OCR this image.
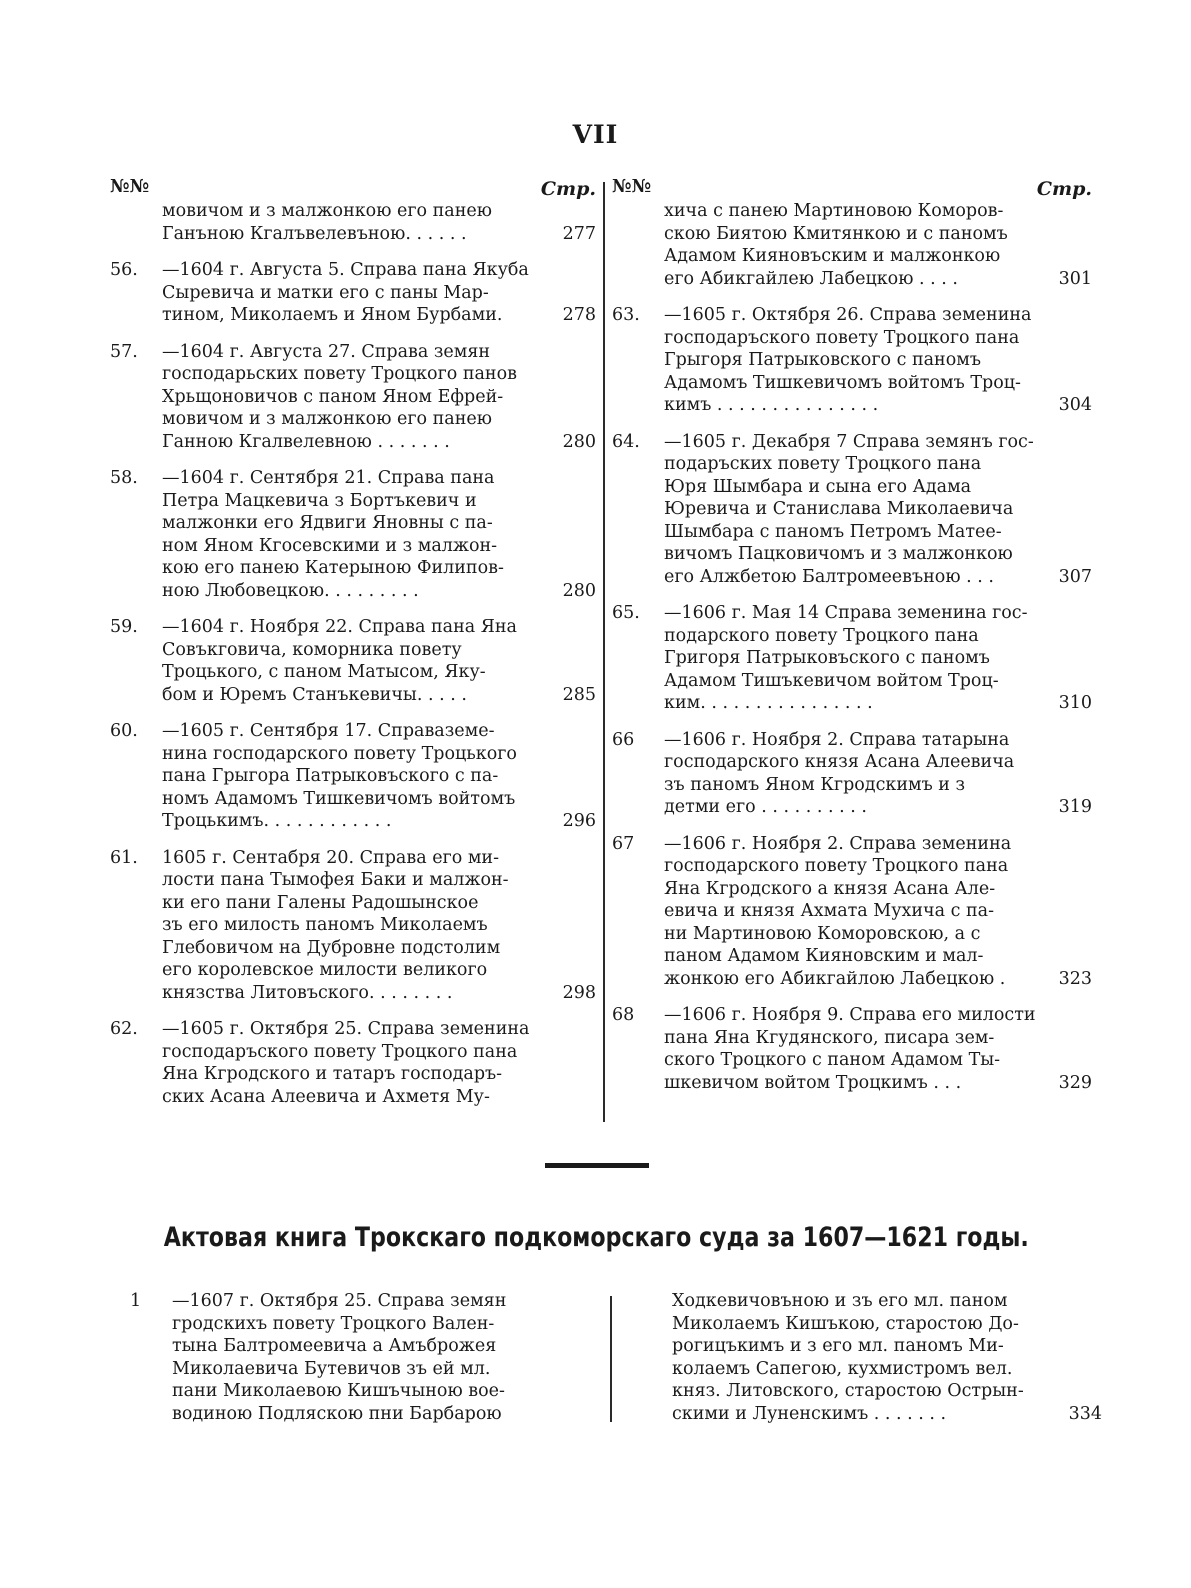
VII
№№	Стр.
мовичом и з малжонкою его панею
Ганъною Кгалъвелевъною. . . . . .	277
56.	—1604 г. Августа 5. Справа пана Якуба
Сыревича и матки его с паны Мар-
тином, Миколаемъ и Яном Бурбами.	278
57.	—1604 г. Августа 27. Справа земян
господарьских повету Троцкого панов
Хрьщоновичов с паном Яном Ефрей-
мовичом и з малжонкою его панею
Ганною Кгалвелевною . . . . . . .	280
58.	—1604 г. Сентября 21. Справа пана
Петра Мацкевича з Бортъкевич и
малжонки его Ядвиги Яновны с па-
ном Яном Кгосевскими и з малжон-
кою его панею Катерыною Филипов-
ною Любовецкою. . . . . . . . .	280
59.	—1604 г. Ноября 22. Справа пана Яна
Совъкговича, коморника повету
Троцького, с паном Матысом, Яку-
бом и Юремъ Станъкевичы. . . . .	285
60.	—1605 г. Сентября 17. Справаземе-
нина господарского повету Троцького
пана Грыгора Патрыковъского с па-
номъ Адамомъ Тишкевичомъ войтомъ
Троцькимъ. . . . . . . . . . . .	296
61.	1605 г. Сентабря 20. Справа его ми-
лости пана Тымофея Баки и малжон-
ки его пани Галены Радошынское
зъ его милость паномъ Миколаемъ
Глебовичом на Дубровне подстолим
его королевское милости великого
князства Литовъского. . . . . . . .	298
62.	—1605 г. Октября 25. Справа земенина
господаръского повету Троцкого пана
Яна Кгродского и татаръ господаръ-
ских Асана Алеевича и Ахметя Му-
№№	Стр.
хича с панею Мартиновою Коморов-
скою Биятою Кмитянкою и с паномъ
Адамом Кияновъским и малжонкою
его Абикгайлею Лабецкою . . . .	301
63.	—1605 г. Октября 26. Справа земенина
господаръского повету Троцкого пана
Грыгоря Патрыковского с паномъ
Адамомъ Тишкевичомъ войтомъ Троц-
кимъ . . . . . . . . . . . . . . .	304
64.	—1605 г. Декабря 7 Справа земянъ гос-
подаръских повету Троцкого пана
Юря Шымбара и сына его Адама
Юревича и Станислава Миколаевича
Шымбара с паномъ Петромъ Матее-
вичомъ Пацковичомъ и з малжонкою
его Алжбетою Балтромеевъною . . .	307
65.	—1606 г. Мая 14 Справа земенина гос-
подарского повету Троцкого пана
Григоря Патрыковъского с паномъ
Адамом Тишъкевичом войтом Троц-
ким. . . . . . . . . . . . . . . .	310
66	—1606 г. Ноября 2. Справа татарына
господарского князя Асана Алеевича
зъ паномъ Яном Кгродскимъ и з
детми его . . . . . . . . . .	319
67	—1606 г. Ноября 2. Справа земенина
господарского повету Троцкого пана
Яна Кгродского а князя Асана Але-
евича и князя Ахмата Мухича с па-
ни Мартиновою Коморовскою, а с
паном Адамом Кияновским и мал-
жонкою его Абикгайлою Лабецкою .	323
68	—1606 г. Ноября 9. Справа его милости
пана Яна Кгудянского, писара зем-
ского Троцкого с паном Адамом Ты-
шкевичом войтом Троцкимъ . . .	329
Актовая книга Трокскаго подкоморскаго суда за 1607—1621 годы.
1	—1607 г. Октября 25. Справа земян
гродскихъ повету Троцкого Вален-
тына Балтромеевича а Амъброжея
Миколаевича Бутевичов зъ ей мл.
пани Миколаевою Кишъчыною вое-
водиною Подляскою пни Барбарою
Ходкевичовъною и зъ его мл. паном
Миколаемъ Кишъкою, старостою До-
рогицъкимъ и з его мл. паномъ Ми-
колаемъ Сапегою, кухмистромъ вел.
княз. Литовского, старостою Острын-
скими и Луненскимъ . . . . . . .	334
